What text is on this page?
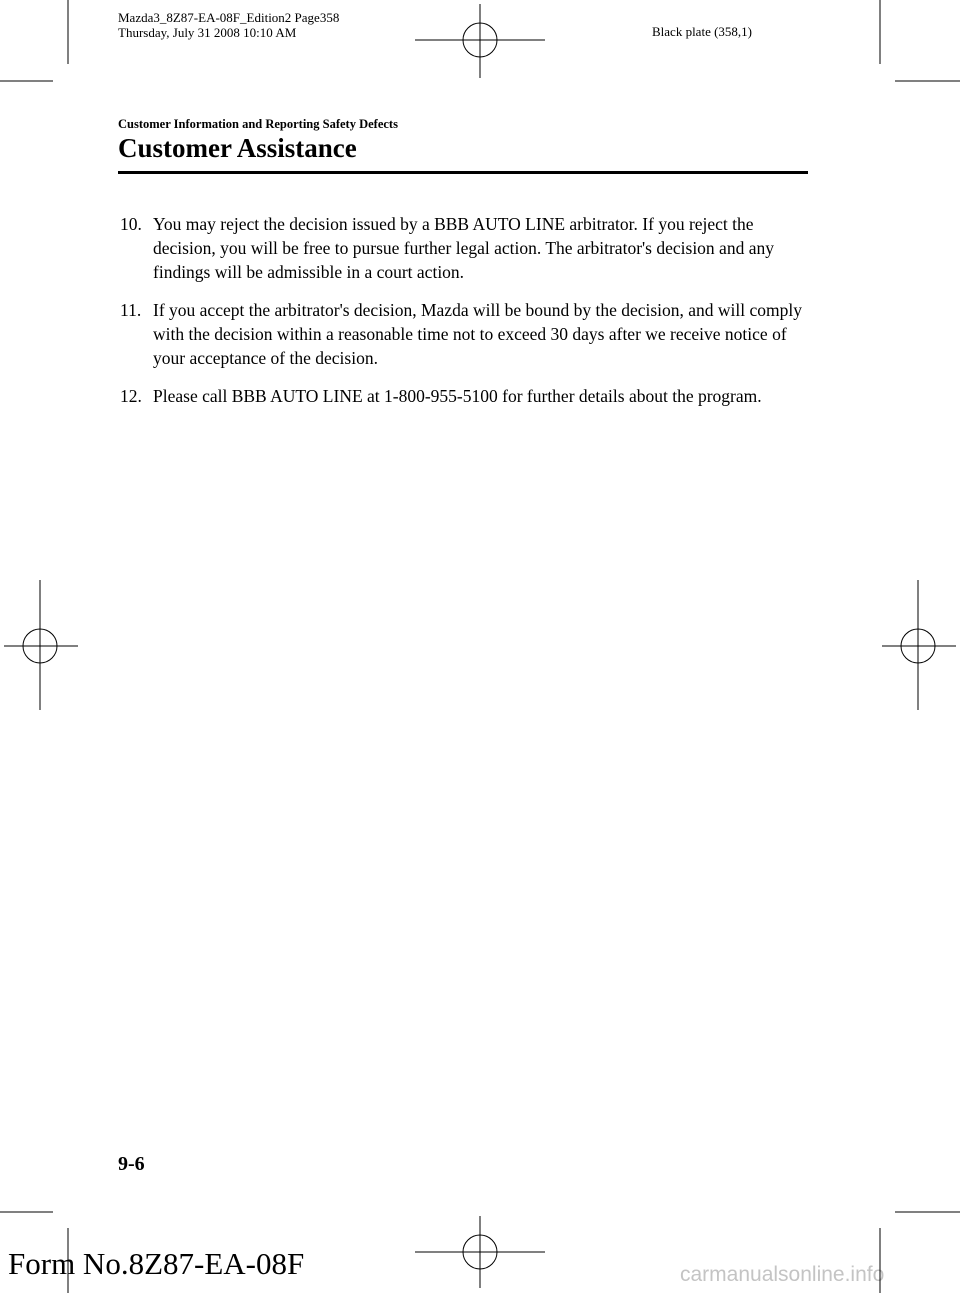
Mazda3_8Z87-EA-08F_Edition2 Page358
Thursday, July 31 2008 10:10 AM	Black plate (358,1)
Customer Information and Reporting Safety Defects
Customer Assistance
10. You may reject the decision issued by a BBB AUTO LINE arbitrator. If you reject the decision, you will be free to pursue further legal action. The arbitrator's decision and any findings will be admissible in a court action.
11. If you accept the arbitrator's decision, Mazda will be bound by the decision, and will comply with the decision within a reasonable time not to exceed 30 days after we receive notice of your acceptance of the decision.
12. Please call BBB AUTO LINE at 1-800-955-5100 for further details about the program.
9-6
Form No.8Z87-EA-08F	carmanualsonline.info
